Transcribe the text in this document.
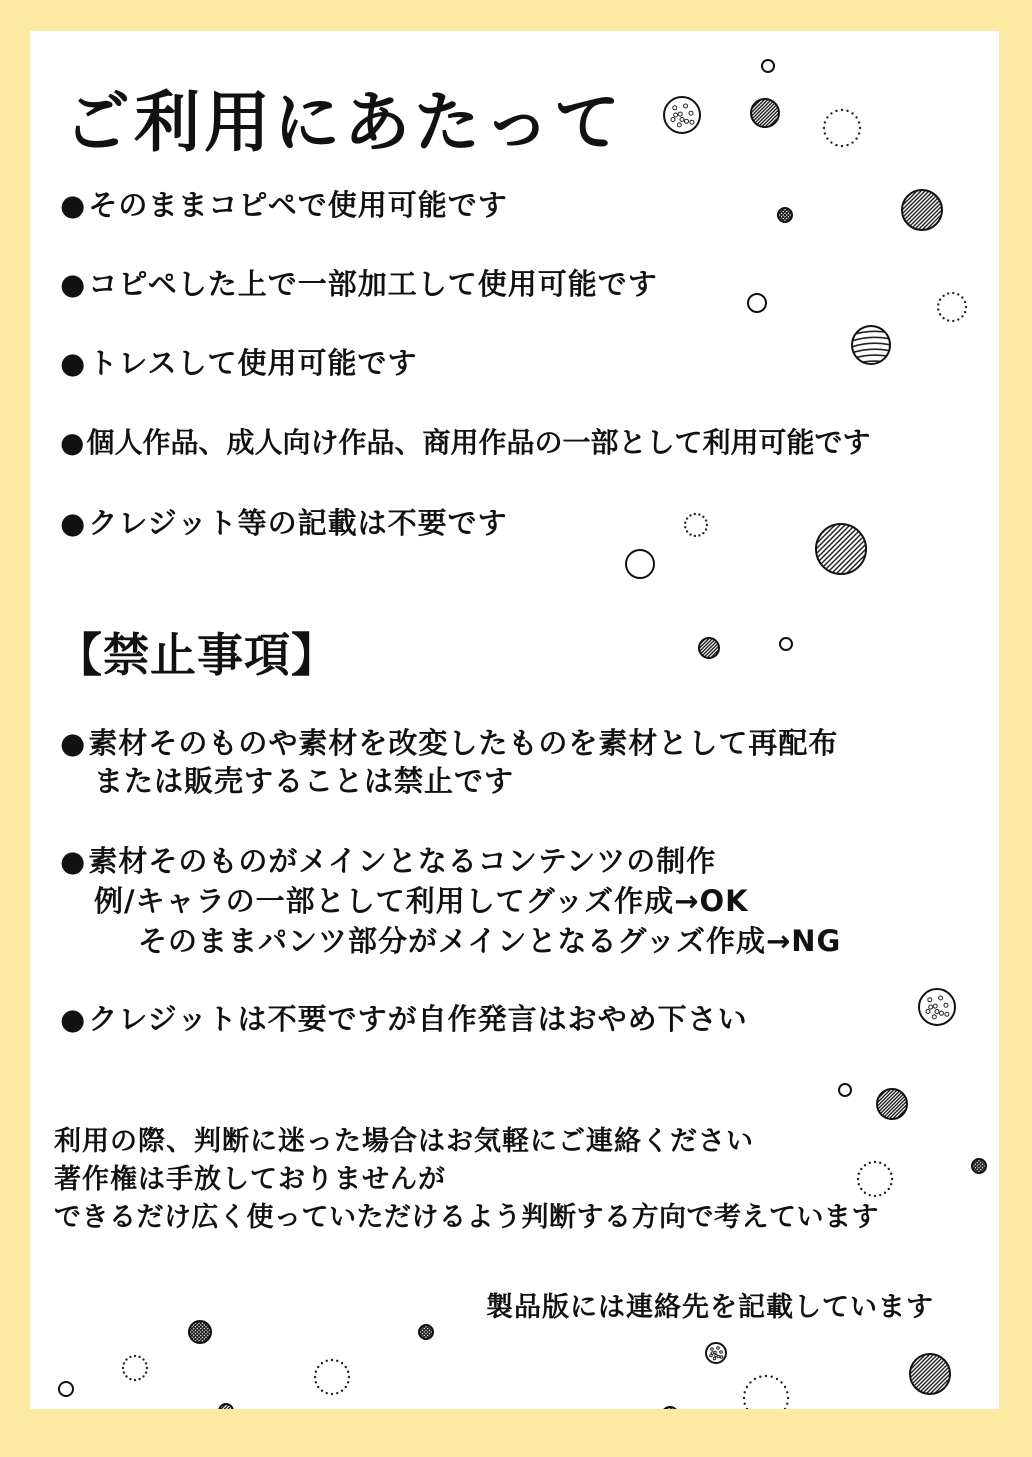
ご利用にあたって
●そのままコピペで使用可能です
●コピペした上で一部加工して使用可能です
●トレスして使用可能です
●個人作品、成人向け作品、商用作品の一部として利用可能です
●クレジット等の記載は不要です
【禁止事項】
●素材そのものや素材を改変したものを素材として再配布
または販売することは禁止です
●素材そのものがメインとなるコンテンツの制作
例/キャラの一部として利用してグッズ作成→OK
そのままパンツ部分がメインとなるグッズ作成→NG
●クレジットは不要ですが自作発言はおやめ下さい
利用の際、判断に迷った場合はお気軽にご連絡ください
著作権は手放しておりませんが
できるだけ広く使っていただけるよう判断する方向で考えています
製品版には連絡先を記載しています
